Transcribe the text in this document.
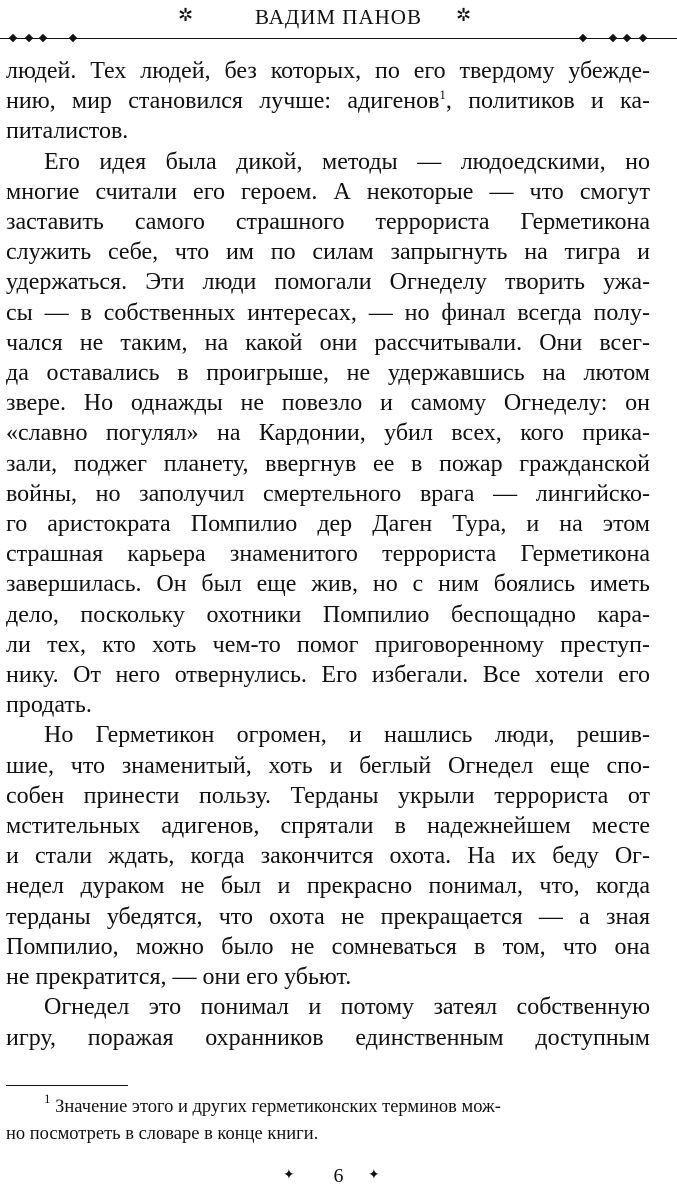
✲	ВАДИМ ПАНОВ	✲
людей. Тех людей, без которых, по его твердому убежде-
нию, мир становился лучше: адигенов$^1$, политиков и ка-
питалистов.
Его идея была дикой, методы — людоедскими, но
многие считали его героем. А некоторые — что смогут
заставить самого страшного террориста Герметикона
служить себе, что им по силам запрыгнуть на тигра и
удержаться. Эти люди помогали Огнеделу творить ужа-
сы — в собственных интересах, — но финал всегда полу-
чался не таким, на какой они рассчитывали. Они всег-
да оставались в проигрыше, не удержавшись на лютом
звере. Но однажды не повезло и самому Огнеделу: он
«славно погулял» на Кардонии, убил всех, кого прика-
зали, поджег планету, ввергнув ее в пожар гражданской
войны, но заполучил смертельного врага — лингийско-
го аристократа Помпилио дер Даген Тура, и на этом
страшная карьера знаменитого террориста Герметикона
завершилась. Он был еще жив, но с ним боялись иметь
дело, поскольку охотники Помпилио беспощадно кара-
ли тех, кто хоть чем-то помог приговоренному преступ-
нику. От него отвернулись. Его избегали. Все хотели его
продать.
Но Герметикон огромен, и нашлись люди, решив-
шие, что знаменитый, хоть и беглый Огнедел еще спо-
собен принести пользу. Терданы укрыли террориста от
мстительных адигенов, спрятали в надежнейшем месте
и стали ждать, когда закончится охота. На их беду Ог-
недел дураком не был и прекрасно понимал, что, когда
терданы убедятся, что охота не прекращается — а зная
Помпилио, можно было не сомневаться в том, что она
не прекратится, — они его убьют.
Огнедел это понимал и потому затеял собственную
игру, поражая охранников единственным доступным
$^1$ Значение этого и других герметиконских терминов мож-
но посмотреть в словаре в конце книги.
✦	6	✦
